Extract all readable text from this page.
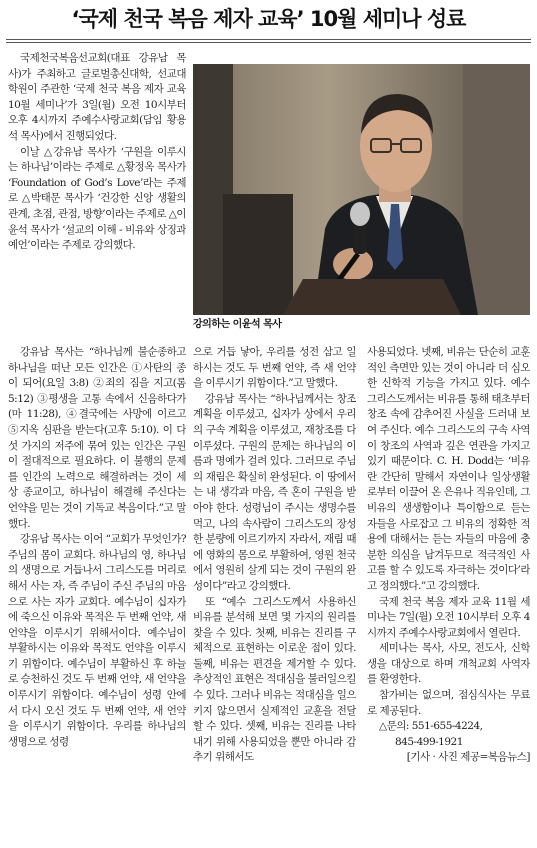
‘국제 천국 복음 제자 교육’ 10월 세미나 성료

국제천국복음선교회(대표 강유남 목사)가 주최하고 글로벌총신대학, 선교대학원이 주관한 ‘국제 천국 복음 제자 교육 10월 세미나’가 3일(월) 오전 10시부터 오후 4시까지 주예수사랑교회(담임 황용석 목사)에서 진행되었다.

이날 △강유남 목사가 ‘구원을 이루시는 하나님’이라는 주제로 △황정옥 목사가 ‘Foundation of God’s Love’라는 주제로 △박태문 목사가 ‘건강한 신앙 생활의 관계, 초점, 관점, 방향’이라는 주제로 △이윤석 목사가 ‘설교의 이해 - 비유와 상징과 예언’이라는 주제로 강의했다.

강의하는 이윤석 목사

강유남 목사는 “하나님께 불순종하고 하나님을 떠난 모든 인간은 ①사탄의 종이 되어(요일 3:8) ②죄의 짐을 지고(롬 5:12) ③평생을 고통 속에서 신음하다가(마 11:28), ④결국에는 사망에 이르고 ⑤지옥 심판을 받는다(고후 5:10). 이 다섯 가지의 저주에 묶여 있는 인간은 구원이 절대적으로 필요하다. 이 불행의 문제를 인간의 노력으로 해결하려는 것이 세상 종교이고, 하나님이 해결해 주신다는 언약을 믿는 것이 기독교 복음이다.”고 말했다.

강유남 목사는 이어 “교회가 무엇인가? 주님의 몸이 교회다. 하나님의 영, 하나님의 생명으로 거듭나서 그리스도를 머리로 해서 사는 자, 즉 주님이 주신 주님의 마음으로 사는 자가 교회다. 예수님이 십자가에 죽으신 이유와 목적은 두 번째 언약, 새 언약을 이루시기 위해서이다. 예수님이 부활하시는 이유와 목적도 언약을 이루시기 위함이다. 예수님이 부활하신 후 하늘로 승천하신 것도 두 번째 언약, 새 언약을 이루시기 위함이다. 예수님이 성령 안에서 다시 오신 것도 두 번째 언약, 새 언약을 이루시기 위함이다. 우리를 하나님의 생명으로 성령

으로 거듭 낳아, 우리를 성전 삼고 일하시는 것도 두 번째 언약, 즉 새 언약을 이루시기 위함이다.”고 말했다.

강유남 목사는 “하나님께서는 창조 계획을 이루셨고, 십자가 상에서 우리의 구속 계획을 이루셨고, 재창조를 다 이루셨다. 구원의 문제는 하나님의 이름과 명예가 걸려 있다. 그러므로 주님의 재림은 확실히 완성된다. 이 땅에서는 내 생각과 마음, 즉 혼이 구원을 받아야 한다. 성령님이 주시는 생명수를 먹고, 나의 속사람이 그리스도의 장성한 분량에 이르기까지 자라서, 재림 때에 영화의 몸으로 부활하여, 영원 천국에서 영원히 살게 되는 것이 구원의 완성이다”라고 강의했다.

또 “예수 그리스도께서 사용하신 비유를 분석해 보면 몇 가지의 원리를 찾을 수 있다. 첫째, 비유는 진리를 구체적으로 표현하는 이로운 점이 있다. 둘째, 비유는 편견을 제거할 수 있다. 추상적인 표현은 적대심을 불러일으킬 수 있다. 그러나 비유는 적대심을 일으키지 않으면서 실제적인 교훈을 전달할 수 있다. 셋째, 비유는 진리를 나타내기 위해 사용되었을 뿐만 아니라 감추기 위해서도

사용되었다. 넷째, 비유는 단순히 교훈적인 측면만 있는 것이 아니라 더 심오한 신학적 기능을 가지고 있다. 예수 그리스도께서는 비유를 통해 태초부터 창조 속에 감추어진 사실을 드러내 보여 주신다. 예수 그리스도의 구속 사역이 창조의 사역과 깊은 연관을 가지고 있기 때문이다. C. H. Dodd는 ‘비유란 간단히 말해서 자연이나 일상생활로부터 이끌어 온 은유나 직유인데, 그 비유의 생생함이나 특이함으로 듣는 자들을 사로잡고 그 비유의 정확한 적용에 대해서는 듣는 자들의 마음에 충분한 의심을 남겨두므로 적극적인 사고를 할 수 있도록 자극하는 것이다’라고 정의했다.”고 강의했다.

국제 천국 복음 제자 교육 11월 세미나는 7일(월) 오전 10시부터 오후 4시까지 주예수사랑교회에서 열린다.

세미나는 목사, 사모, 전도사, 신학생을 대상으로 하며 개척교회 사역자를 환영한다.

참가비는 없으며, 점심식사는 무료로 제공된다.

△문의: 551-655-4224,

845-499-1921

[기사 · 사진 제공=복음뉴스]
